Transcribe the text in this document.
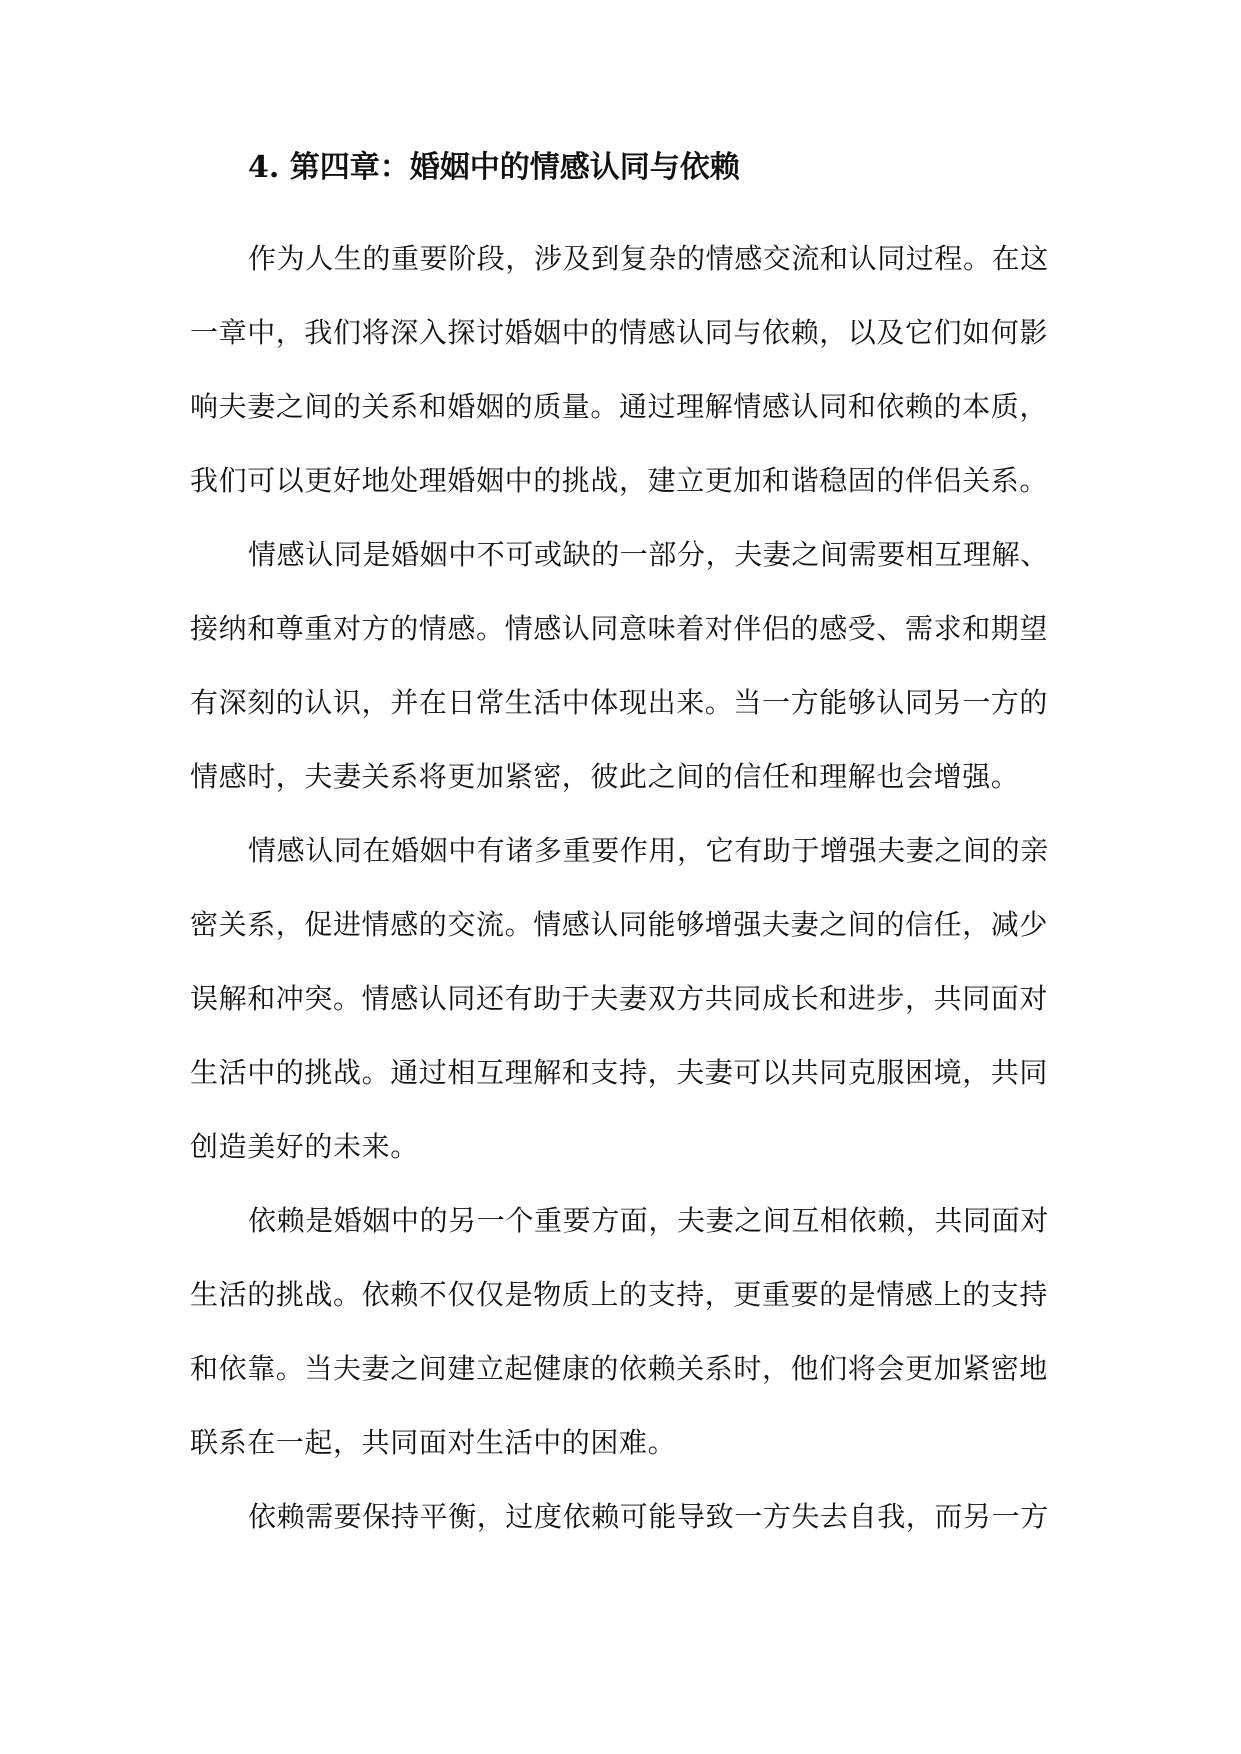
4. 第四章：婚姻中的情感认同与依赖

作为人生的重要阶段，涉及到复杂的情感交流和认同过程。在这
一章中，我们将深入探讨婚姻中的情感认同与依赖，以及它们如何影
响夫妻之间的关系和婚姻的质量。通过理解情感认同和依赖的本质，
我们可以更好地处理婚姻中的挑战，建立更加和谐稳固的伴侣关系。

情感认同是婚姻中不可或缺的一部分，夫妻之间需要相互理解、
接纳和尊重对方的情感。情感认同意味着对伴侣的感受、需求和期望
有深刻的认识，并在日常生活中体现出来。当一方能够认同另一方的
情感时，夫妻关系将更加紧密，彼此之间的信任和理解也会增强。

情感认同在婚姻中有诸多重要作用，它有助于增强夫妻之间的亲
密关系，促进情感的交流。情感认同能够增强夫妻之间的信任，减少
误解和冲突。情感认同还有助于夫妻双方共同成长和进步，共同面对
生活中的挑战。通过相互理解和支持，夫妻可以共同克服困境，共同
创造美好的未来。

依赖是婚姻中的另一个重要方面，夫妻之间互相依赖，共同面对
生活的挑战。依赖不仅仅是物质上的支持，更重要的是情感上的支持
和依靠。当夫妻之间建立起健康的依赖关系时，他们将会更加紧密地
联系在一起，共同面对生活中的困难。

依赖需要保持平衡，过度依赖可能导致一方失去自我，而另一方
